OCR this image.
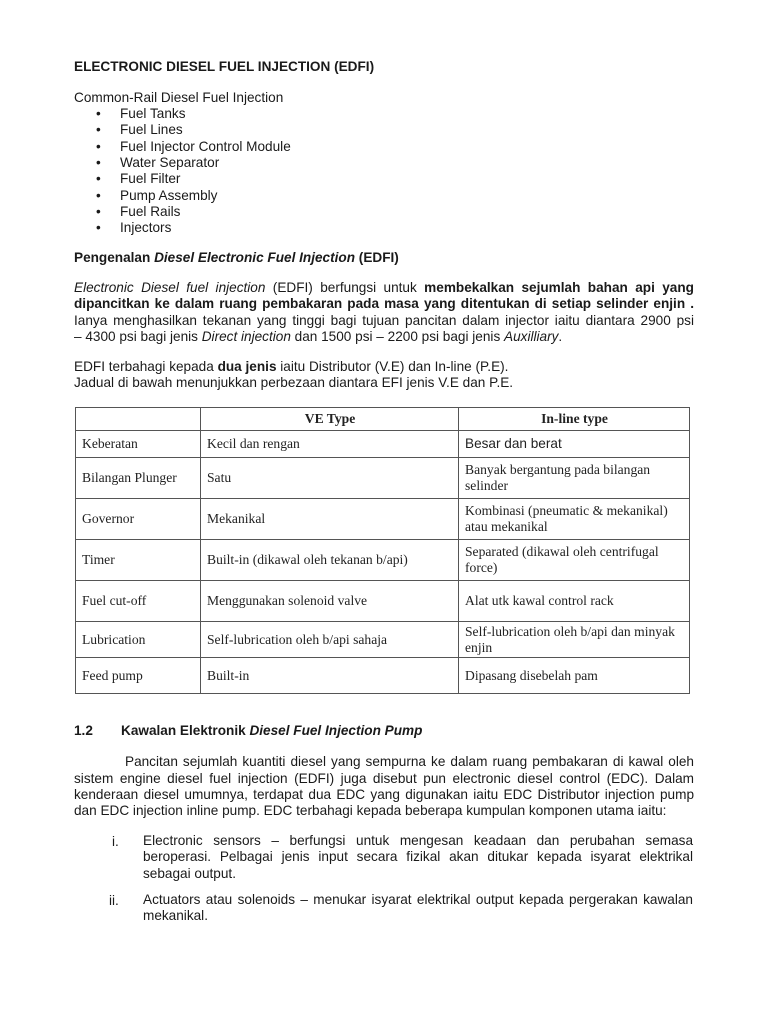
ELECTRONIC DIESEL FUEL INJECTION (EDFI)
Common-Rail Diesel Fuel Injection
• Fuel Tanks
• Fuel Lines
• Fuel Injector Control Module
• Water Separator
• Fuel Filter
• Pump Assembly
• Fuel Rails
• Injectors
Pengenalan Diesel Electronic Fuel Injection (EDFI)
Electronic Diesel fuel injection (EDFI) berfungsi untuk membekalkan sejumlah bahan api yang
dipancitkan ke dalam ruang pembakaran pada masa yang ditentukan di setiap selinder enjin .
Ianya menghasilkan tekanan yang tinggi bagi tujuan pancitan dalam injector iaitu diantara 2900 psi
– 4300 psi bagi jenis Direct injection dan 1500 psi – 2200 psi bagi jenis Auxilliary.
EDFI terbahagi kepada dua jenis iaitu Distributor (V.E) dan In-line (P.E).
Jadual di bawah menunjukkan perbezaan diantara EFI jenis V.E dan P.E.
	VE Type	In-line type
Keberatan	Kecil dan rengan	Besar dan berat
Bilangan Plunger	Satu	Banyak bergantung pada bilangan selinder
Governor	Mekanikal	Kombinasi (pneumatic & mekanikal) atau mekanikal
Timer	Built-in (dikawal oleh tekanan b/api)	Separated (dikawal oleh centrifugal force)
Fuel cut-off	Menggunakan solenoid valve	Alat utk kawal control rack
Lubrication	Self-lubrication oleh b/api sahaja	Self-lubrication oleh b/api dan minyak enjin
Feed pump	Built-in	Dipasang disebelah pam
1.2 Kawalan Elektronik Diesel Fuel Injection Pump
Pancitan sejumlah kuantiti diesel yang sempurna ke dalam ruang pembakaran di kawal oleh
sistem engine diesel fuel injection (EDFI) juga disebut pun electronic diesel control (EDC). Dalam
kenderaan diesel umumnya, terdapat dua EDC yang digunakan iaitu EDC Distributor injection pump
dan EDC injection inline pump. EDC terbahagi kepada beberapa kumpulan komponen utama iaitu:
i. Electronic sensors – berfungsi untuk mengesan keadaan dan perubahan semasa beroperasi. Pelbagai jenis input secara fizikal akan ditukar kepada isyarat elektrikal sebagai output.
ii. Actuators atau solenoids – menukar isyarat elektrikal output kepada pergerakan kawalan mekanikal.
